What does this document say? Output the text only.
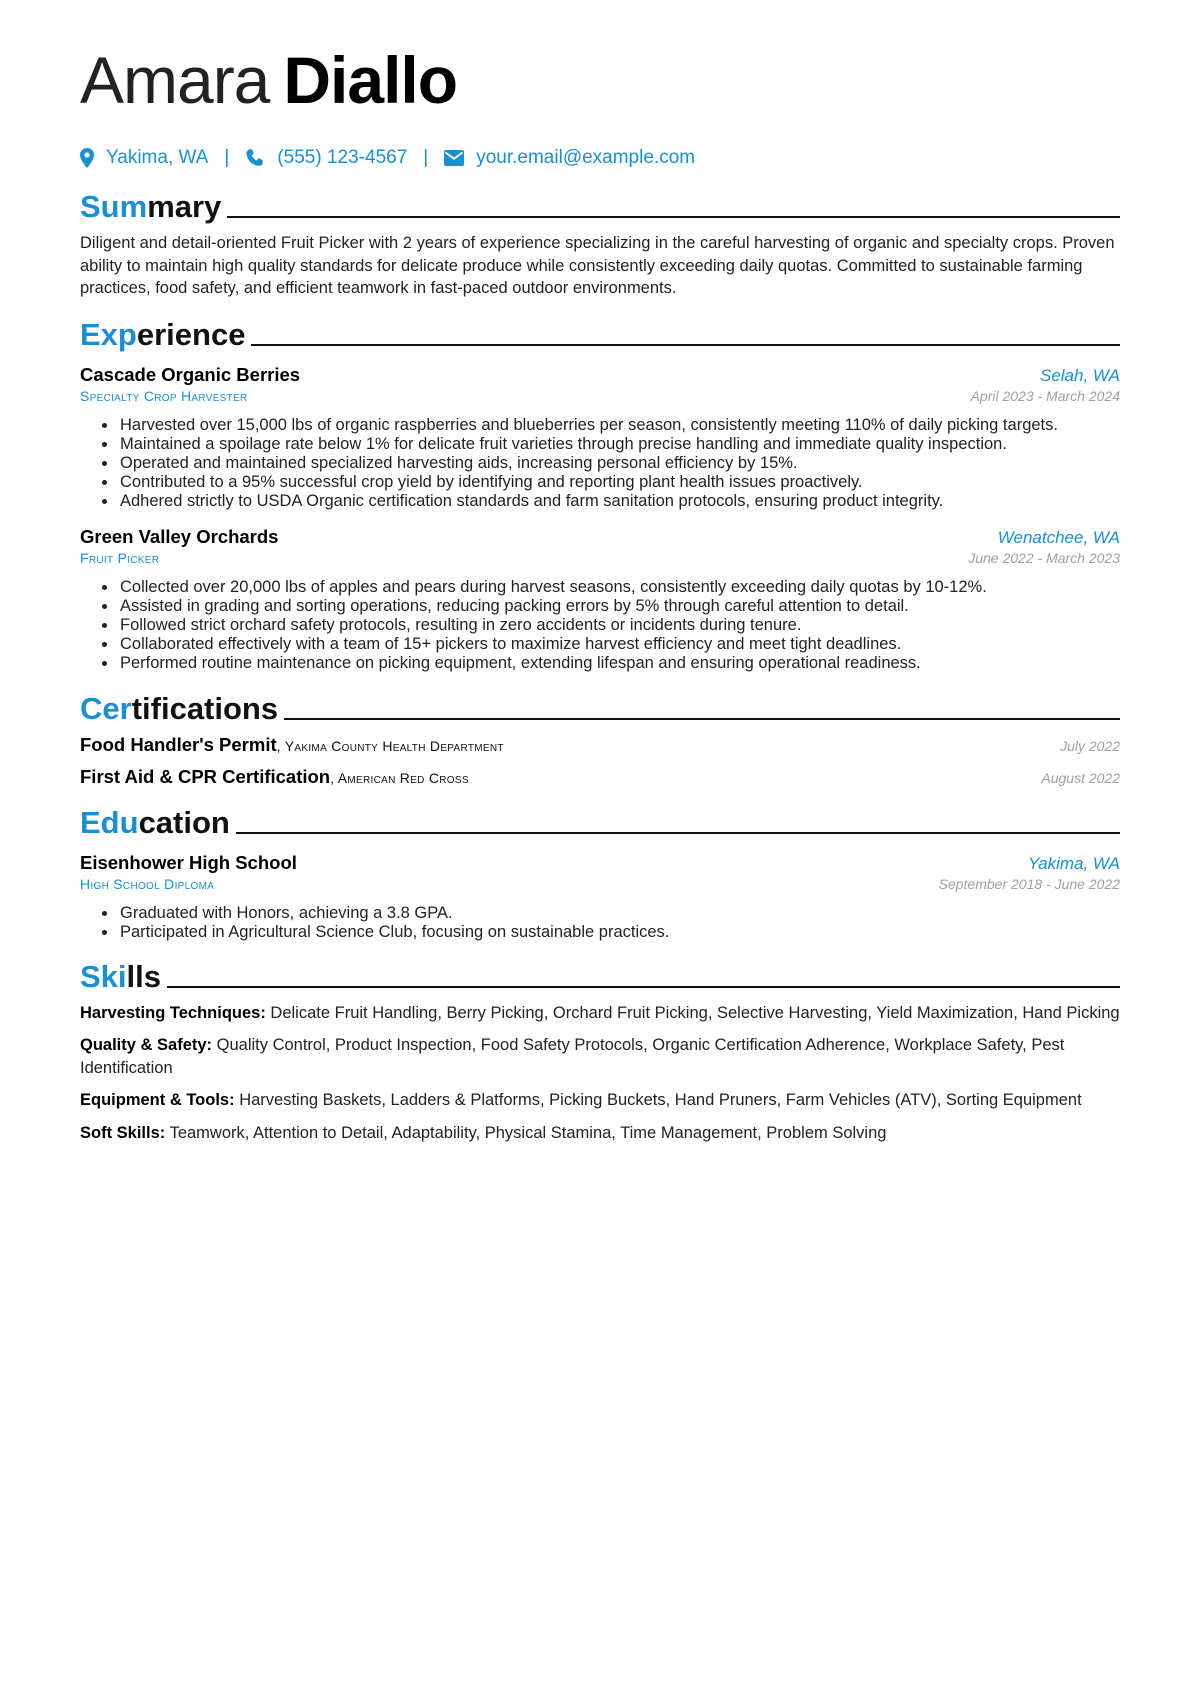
Amara Diallo
Yakima, WA |	(555) 123-4567 |	your.email@example.com
Summary
Diligent and detail-oriented Fruit Picker with 2 years of experience specializing in the careful harvesting of organic and specialty crops. Proven ability to maintain high quality standards for delicate produce while consistently exceeding daily quotas. Committed to sustainable farming practices, food safety, and efficient teamwork in fast-paced outdoor environments.
Experience
Cascade Organic Berries	Selah, WA
Specialty Crop Harvester	April 2023 - March 2024
• Harvested over 15,000 lbs of organic raspberries and blueberries per season, consistently meeting 110% of daily picking targets.
• Maintained a spoilage rate below 1% for delicate fruit varieties through precise handling and immediate quality inspection.
• Operated and maintained specialized harvesting aids, increasing personal efficiency by 15%.
• Contributed to a 95% successful crop yield by identifying and reporting plant health issues proactively.
• Adhered strictly to USDA Organic certification standards and farm sanitation protocols, ensuring product integrity.
Green Valley Orchards	Wenatchee, WA
Fruit Picker	June 2022 - March 2023
• Collected over 20,000 lbs of apples and pears during harvest seasons, consistently exceeding daily quotas by 10-12%.
• Assisted in grading and sorting operations, reducing packing errors by 5% through careful attention to detail.
• Followed strict orchard safety protocols, resulting in zero accidents or incidents during tenure.
• Collaborated effectively with a team of 15+ pickers to maximize harvest efficiency and meet tight deadlines.
• Performed routine maintenance on picking equipment, extending lifespan and ensuring operational readiness.
Certifications
Food Handler's Permit, Yakima County Health Department	July 2022
First Aid & CPR Certification, American Red Cross	August 2022
Education
Eisenhower High School	Yakima, WA
High School Diploma	September 2018 - June 2022
• Graduated with Honors, achieving a 3.8 GPA.
• Participated in Agricultural Science Club, focusing on sustainable practices.
Skills
Harvesting Techniques: Delicate Fruit Handling, Berry Picking, Orchard Fruit Picking, Selective Harvesting, Yield Maximization, Hand Picking
Quality & Safety: Quality Control, Product Inspection, Food Safety Protocols, Organic Certification Adherence, Workplace Safety, Pest Identification
Equipment & Tools: Harvesting Baskets, Ladders & Platforms, Picking Buckets, Hand Pruners, Farm Vehicles (ATV), Sorting Equipment
Soft Skills: Teamwork, Attention to Detail, Adaptability, Physical Stamina, Time Management, Problem Solving
